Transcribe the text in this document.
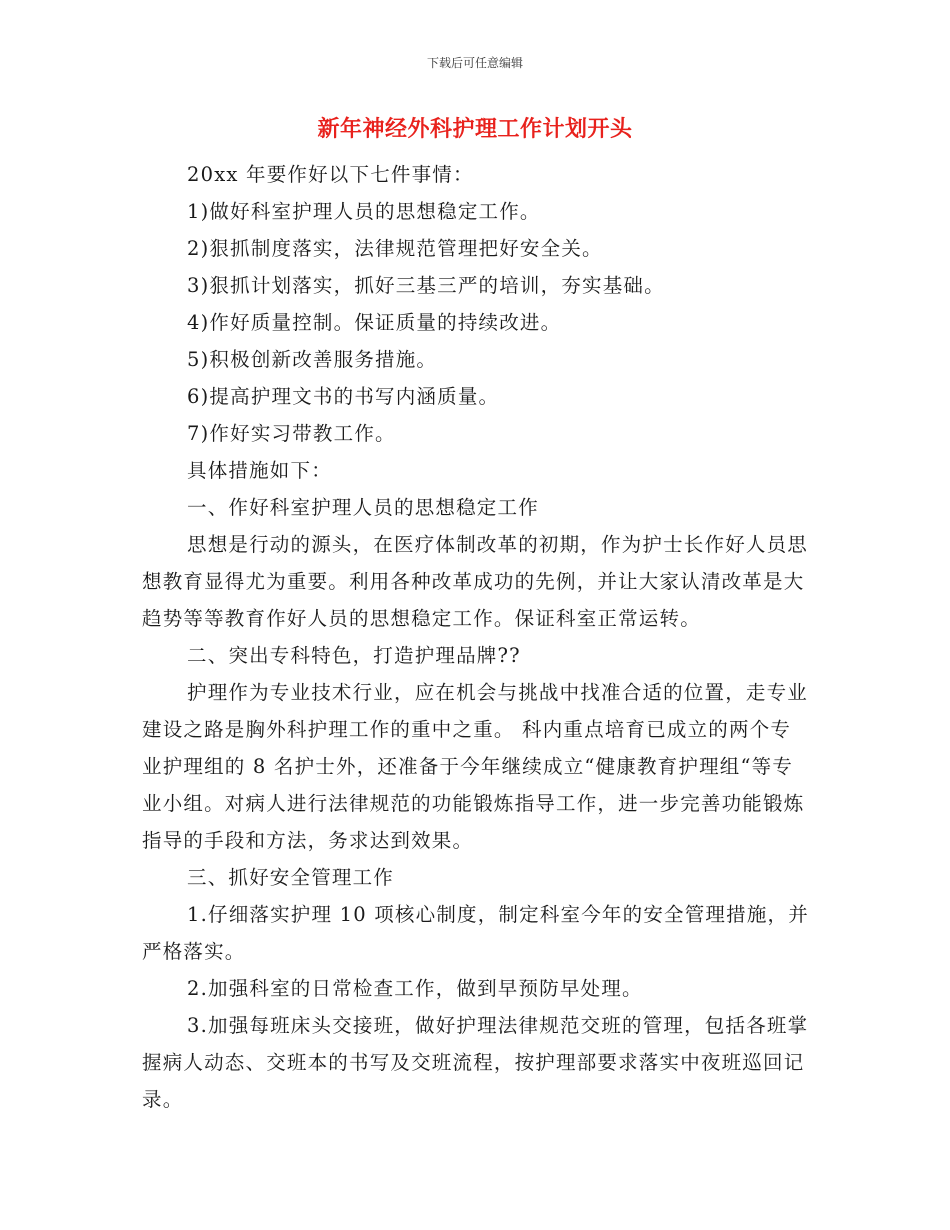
下载后可任意编辑
新年神经外科护理工作计划开头

20xx 年要作好以下七件事情：

1)做好科室护理人员的思想稳定工作。

2)狠抓制度落实，法律规范管理把好安全关。

3)狠抓计划落实，抓好三基三严的培训，夯实基础。

4)作好质量控制。保证质量的持续改进。

5)积极创新改善服务措施。

6)提高护理文书的书写内涵质量。

7)作好实习带教工作。

具体措施如下：

一、作好科室护理人员的思想稳定工作

思想是行动的源头，在医疗体制改革的初期，作为护士长作好人员思想教育显得尤为重要。利用各种改革成功的先例，并让大家认清改革是大趋势等等教育作好人员的思想稳定工作。保证科室正常运转。

二、突出专科特色，打造护理品牌??

护理作为专业技术行业，应在机会与挑战中找准合适的位置，走专业建设之路是胸外科护理工作的重中之重。 科内重点培育已成立的两个专业护理组的 8 名护士外，还准备于今年继续成立“健康教育护理组“等专业小组。对病人进行法律规范的功能锻炼指导工作，进一步完善功能锻炼指导的手段和方法，务求达到效果。

三、抓好安全管理工作

1.仔细落实护理 10 项核心制度，制定科室今年的安全管理措施，并严格落实。

2.加强科室的日常检查工作，做到早预防早处理。

3.加强每班床头交接班，做好护理法律规范交班的管理，包括各班掌握病人动态、交班本的书写及交班流程，按护理部要求落实中夜班巡回记录。
